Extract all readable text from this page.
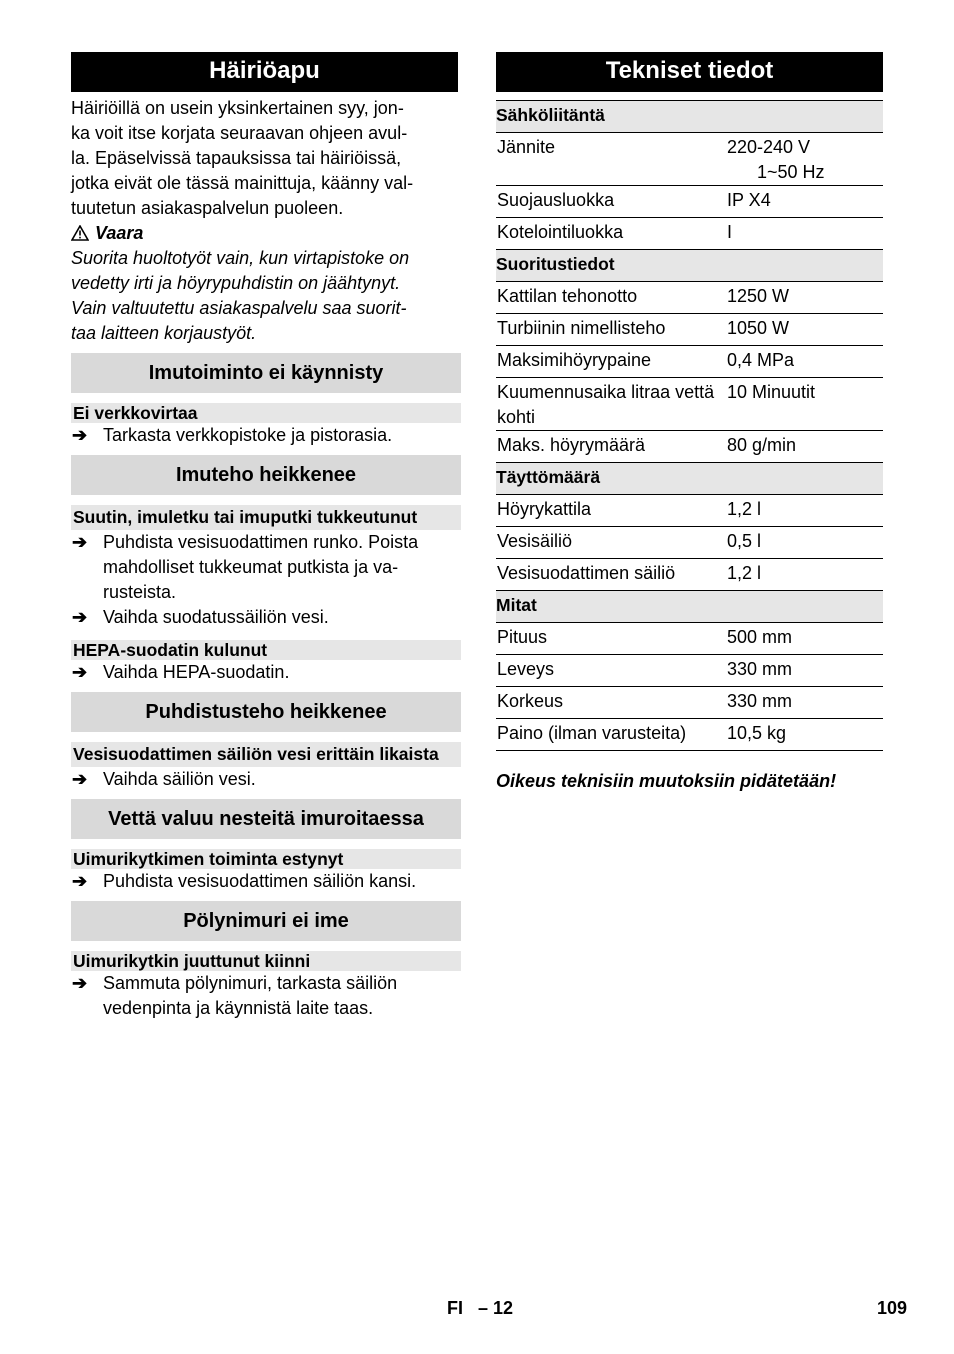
Häiriöapu
Häiriöillä on usein yksinkertainen syy, jon-
ka voit itse korjata seuraavan ohjeen avul-
la. Epäselvissä tapauksissa tai häiriöissä,
jotka eivät ole tässä mainittuja, käänny val-
tuutetun asiakaspalvelun puoleen.
Vaara
Suorita huoltotyöt vain, kun virtapistoke on
vedetty irti ja höyrypuhdistin on jäähtynyt.
Vain valtuutettu asiakaspalvelu saa suorit-
taa laitteen korjaustyöt.
Imutoiminto ei käynnisty
Ei verkkovirtaa
➔ Tarkasta verkkopistoke ja pistorasia.
Imuteho heikkenee
Suutin, imuletku tai imuputki tukkeutunut
➔ Puhdista vesisuodattimen runko. Poista mahdolliset tukkeumat putkista ja va-rusteista.
➔ Vaihda suodatussäiliön vesi.
HEPA-suodatin kulunut
➔ Vaihda HEPA-suodatin.
Puhdistusteho heikkenee
Vesisuodattimen säiliön vesi erittäin likaista
➔ Vaihda säiliön vesi.
Vettä valuu nesteitä imuroitaessa
Uimurikytkimen toiminta estynyt
➔ Puhdista vesisuodattimen säiliön kansi.
Pölynimuri ei ime
Uimurikytkin juuttunut kiinni
➔ Sammuta pölynimuri, tarkasta säiliön vedenpinta ja käynnistä laite taas.
Tekniset tiedot
Sähköliitäntä	
Jännite	220-240 V
1~50 Hz

Suojausluokka	IP X4

Kotelointiluokka	I

Suoritustiedot	
Kattilan tehonotto	1250 W

Turbiinin nimellisteho	1050 W

Maksimihöyrypaine	0,4 MPa

Kuumennusaika litraa vettä kohti	10 Minuutit

Maks. höyrymäärä	80 g/min

Täyttömäärä	
Höyrykattila	1,2 l

Vesisäiliö	0,5 l

Vesisuodattimen säiliö	1,2 l

Mitat	
Pituus	500 mm

Leveys	330 mm

Korkeus	330 mm

Paino (ilman varusteita)	10,5 kg
Oikeus teknisiin muutoksiin pidätetään!
FI – 12	109
